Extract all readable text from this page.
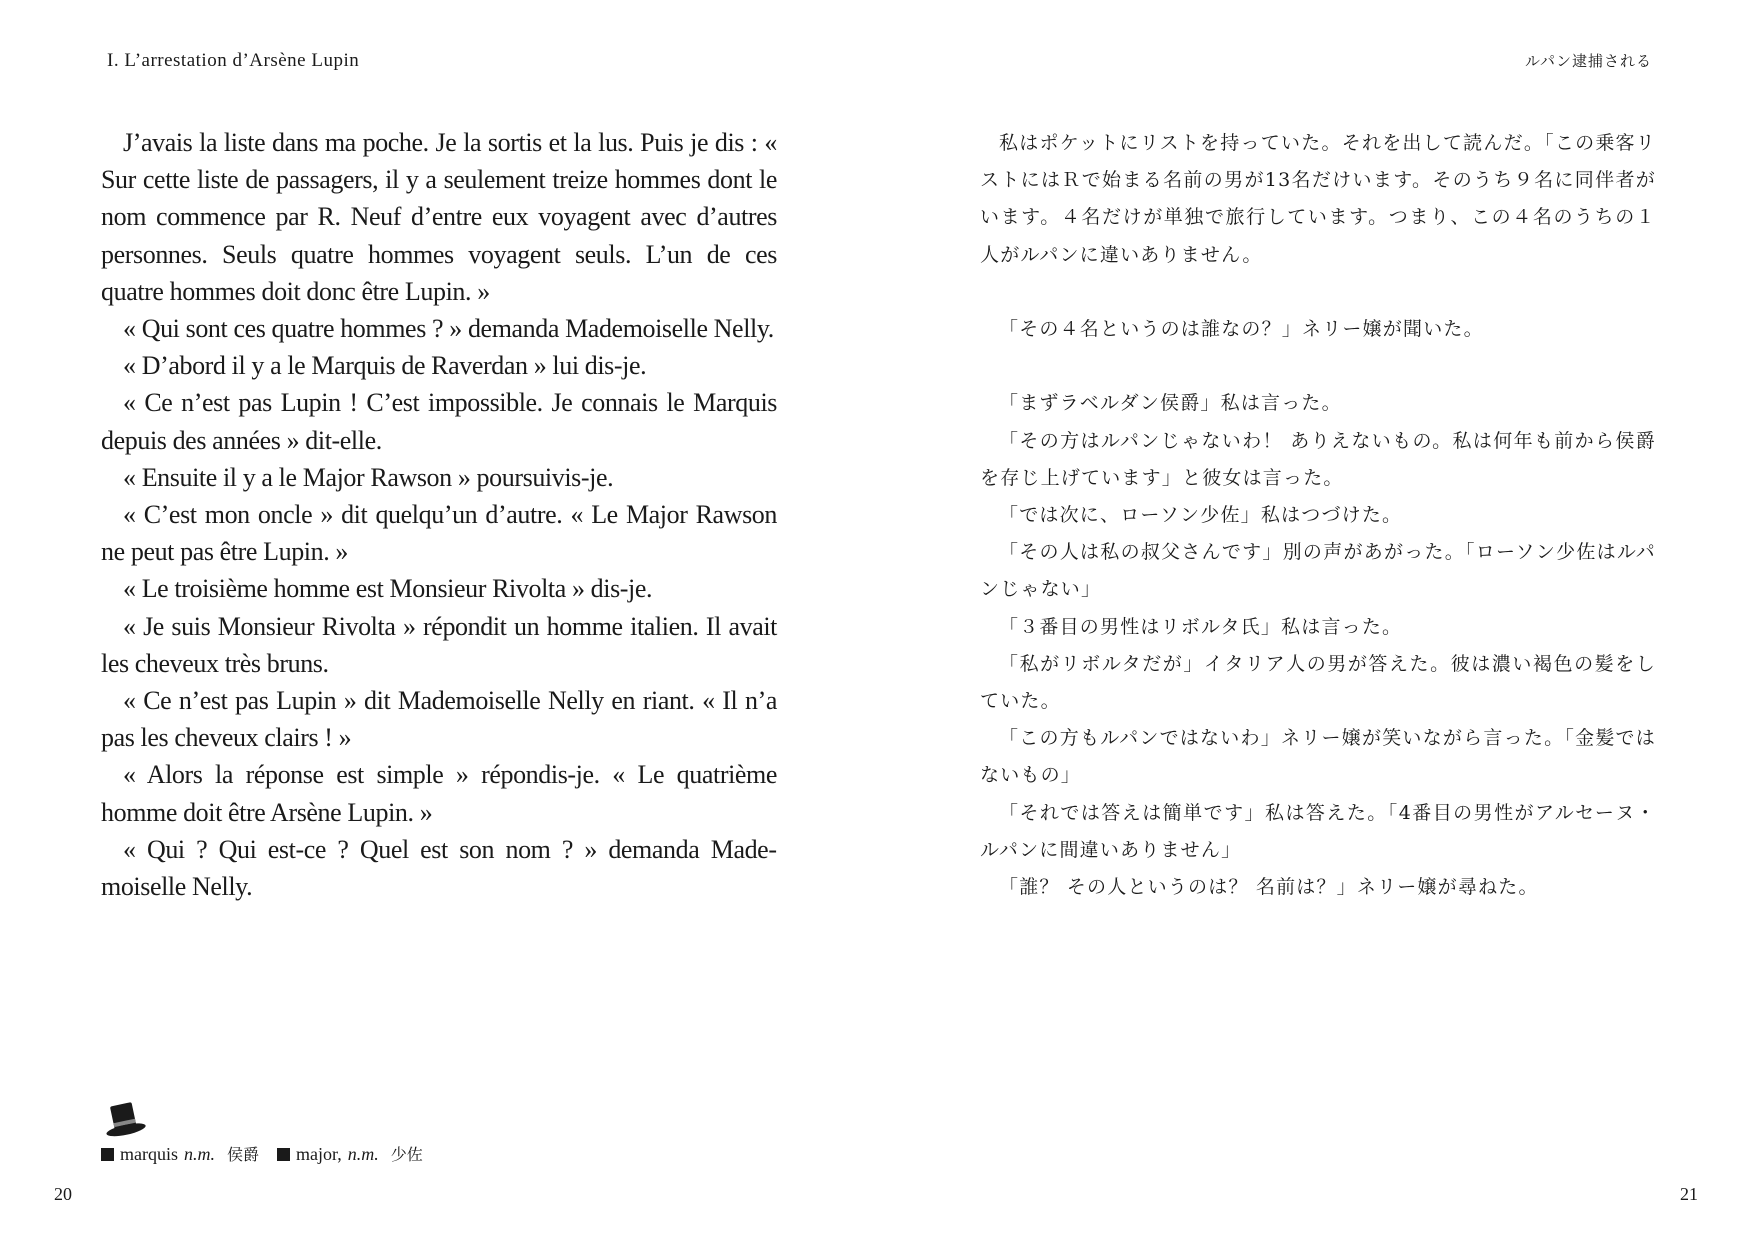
I. L’arrestation d’Arsène Lupin

J’avais la liste dans ma poche. Je la sortis et la lus. Puis je dis : « Sur cette liste de passagers, il y a seulement treize hommes dont le nom commence par R. Neuf d’entre eux voyagent avec d’autres personnes. Seuls quatre hommes voyagent seuls. L’un de ces quatre hommes doit donc être Lupin. »

« Qui sont ces quatre hommes ? » demanda Mademoiselle Nelly.

« D’abord il y a le Marquis de Raverdan » lui dis-je.

« Ce n’est pas Lupin ! C’est impossible. Je connais le Marquis depuis des années » dit-elle.

« Ensuite il y a le Major Rawson » poursuivis-je.

« C’est mon oncle » dit quelqu’un d’autre. « Le Major Rawson ne peut pas être Lupin. »

« Le troisième homme est Monsieur Rivolta » dis-je.

« Je suis Monsieur Rivolta » répondit un homme italien. Il avait les cheveux très bruns.

« Ce n’est pas Lupin » dit Mademoiselle Nelly en riant. « Il n’a pas les cheveux clairs ! »

« Alors la réponse est simple » répondis-je. « Le quatrième homme doit être Arsène Lupin. »

« Qui ? Qui est-ce ? Quel est son nom ? » demanda Mademoiselle Nelly.

marquis n.m. 侯爵 major, n.m. 少佐
20
ルパン逮捕される

私はポケットにリストを持っていた。それを出して読んだ。「この乗客リストにはＲで始まる名前の男が13名だけいます。そのうち９名に同伴者がいます。４名だけが単独で旅行しています。つまり、この４名のうちの１人がルパンに違いありません。

「その４名というのは誰なの？」ネリー嬢が聞いた。

「まずラベルダン侯爵」私は言った。

「その方はルパンじゃないわ！ ありえないもの。私は何年も前から侯爵を存じ上げています」と彼女は言った。

「では次に、ローソン少佐」私はつづけた。

「その人は私の叔父さんです」別の声があがった。「ローソン少佐はルパンじゃない」

「３番目の男性はリボルタ氏」私は言った。

「私がリボルタだが」イタリア人の男が答えた。彼は濃い褐色の髪をしていた。

「この方もルパンではないわ」ネリー嬢が笑いながら言った。「金髪ではないもの」

「それでは答えは簡単です」私は答えた。「4番目の男性がアルセーヌ・ルパンに間違いありません」

「誰？ その人というのは？ 名前は？」ネリー嬢が尋ねた。

21
